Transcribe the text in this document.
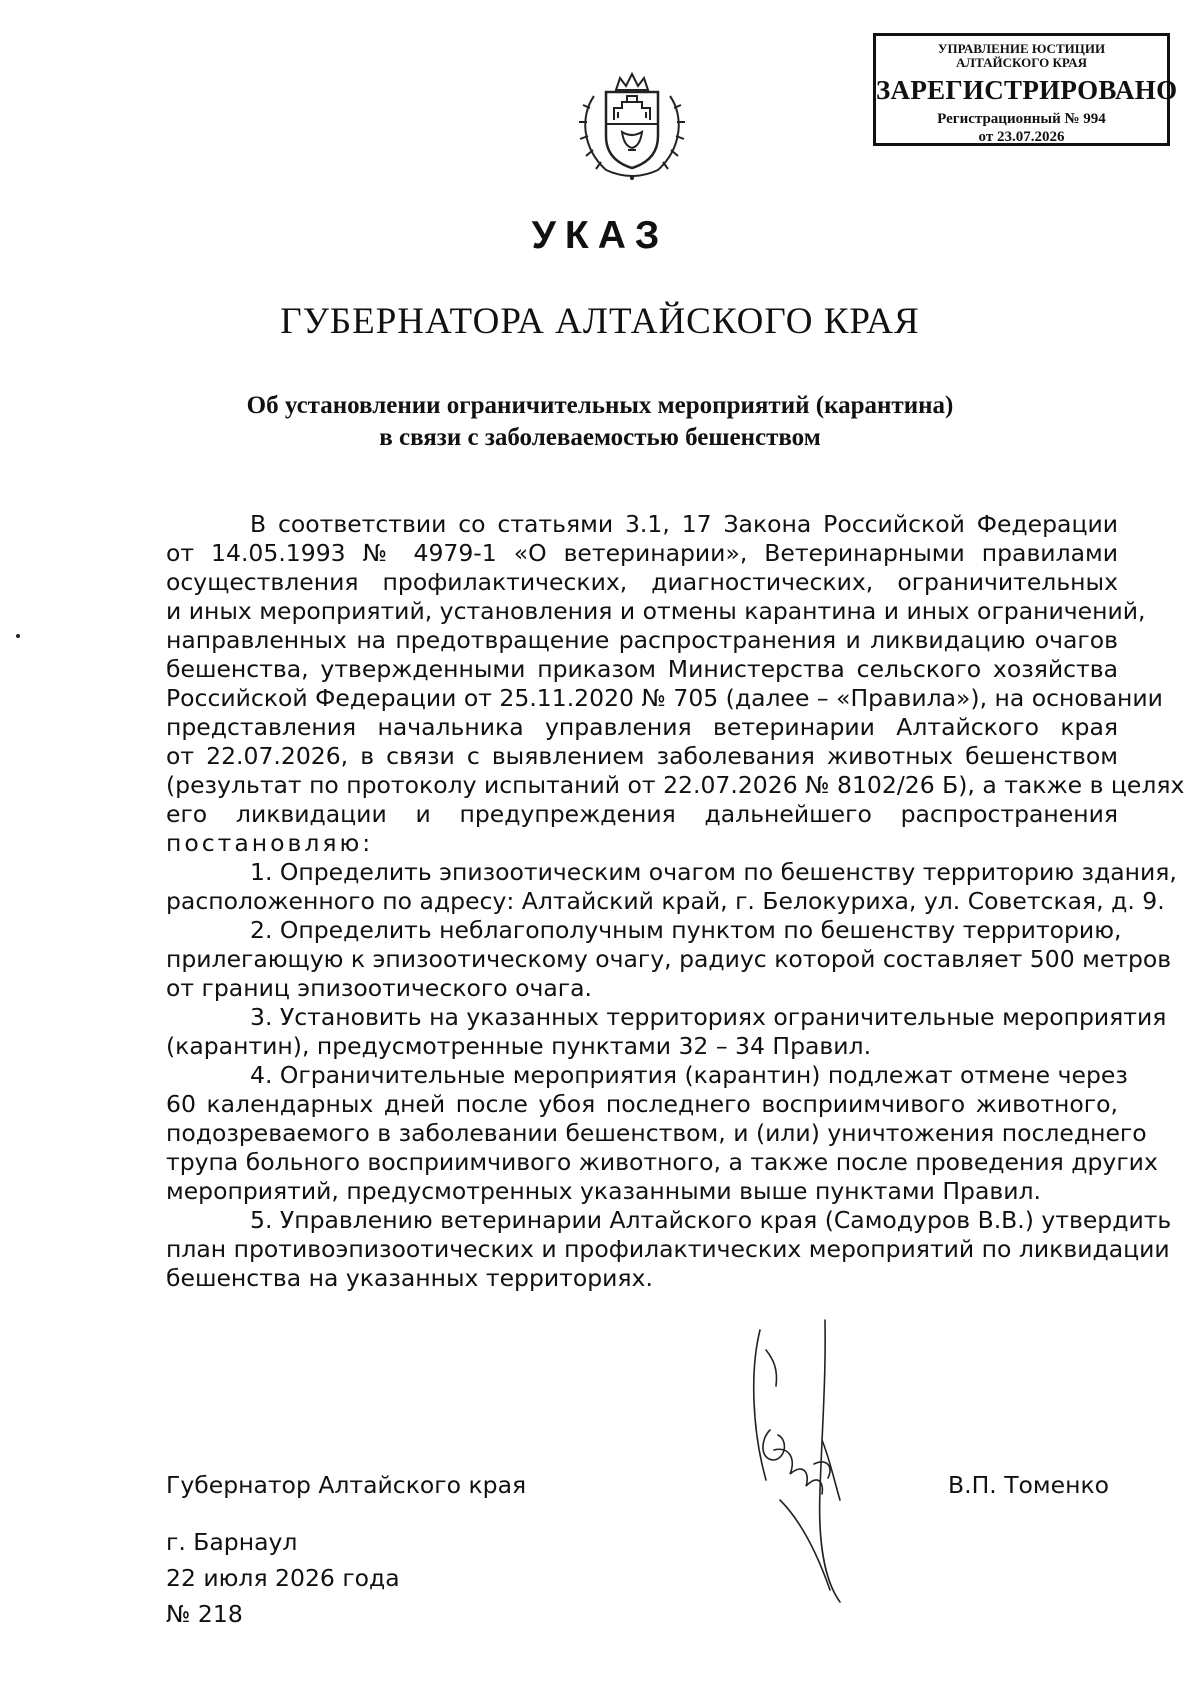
УПРАВЛЕНИЕ ЮСТИЦИИ
АЛТАЙСКОГО КРАЯ
ЗАРЕГИСТРИРОВАНО
Регистрационный № 994
от 23.07.2026
УКАЗ
ГУБЕРНАТОРА АЛТАЙСКОГО КРАЯ
Об установлении ограничительных мероприятий (карантина)
в связи с заболеваемостью бешенством
В соответствии со статьями 3.1, 17 Закона Российской Федерации
от 14.05.1993 № 4979-1 «О ветеринарии», Ветеринарными правилами
осуществления профилактических, диагностических, ограничительных
и иных мероприятий, установления и отмены карантина и иных ограничений,
направленных на предотвращение распространения и ликвидацию очагов
бешенства, утвержденными приказом Министерства сельского хозяйства
Российской Федерации от 25.11.2020 № 705 (далее – «Правила»), на основании
представления начальника управления ветеринарии Алтайского края
от 22.07.2026, в связи с выявлением заболевания животных бешенством
(результат по протоколу испытаний от 22.07.2026 № 8102/26 Б), а также в целях
его ликвидации и предупреждения дальнейшего распространения
постановляю:
1. Определить эпизоотическим очагом по бешенству территорию здания,
расположенного по адресу: Алтайский край, г. Белокуриха, ул. Советская, д. 9.
2. Определить неблагополучным пунктом по бешенству территорию,
прилегающую к эпизоотическому очагу, радиус которой составляет 500 метров
от границ эпизоотического очага.
3. Установить на указанных территориях ограничительные мероприятия
(карантин), предусмотренные пунктами 32 – 34 Правил.
4. Ограничительные мероприятия (карантин) подлежат отмене через
60 календарных дней после убоя последнего восприимчивого животного,
подозреваемого в заболевании бешенством, и (или) уничтожения последнего
трупа больного восприимчивого животного, а также после проведения других
мероприятий, предусмотренных указанными выше пунктами Правил.
5. Управлению ветеринарии Алтайского края (Самодуров В.В.) утвердить
план противоэпизоотических и профилактических мероприятий по ликвидации
бешенства на указанных территориях.
Губернатор Алтайского края	В.П. Томенко
г. Барнаул
22 июля 2026 года
№ 218
